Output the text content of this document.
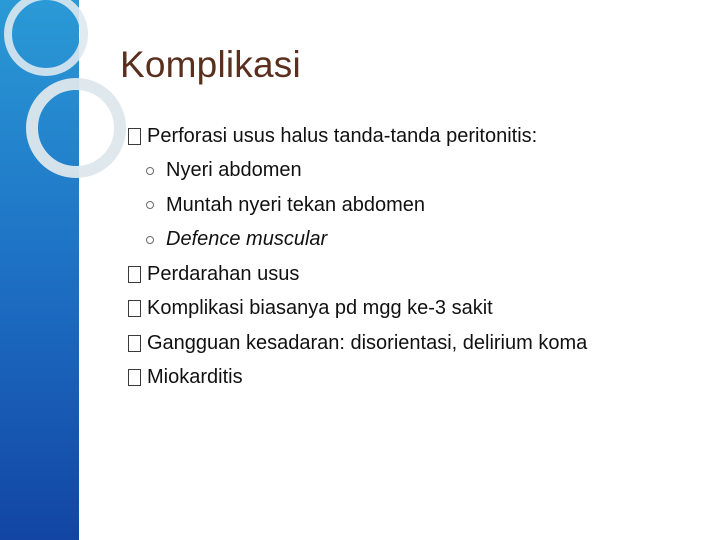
Komplikasi
Perforasi usus halus tanda-tanda peritonitis:
Nyeri abdomen
Muntah nyeri tekan abdomen
Defence muscular
Perdarahan usus
Komplikasi biasanya pd mgg ke-3 sakit
Gangguan kesadaran: disorientasi, delirium koma
Miokarditis
